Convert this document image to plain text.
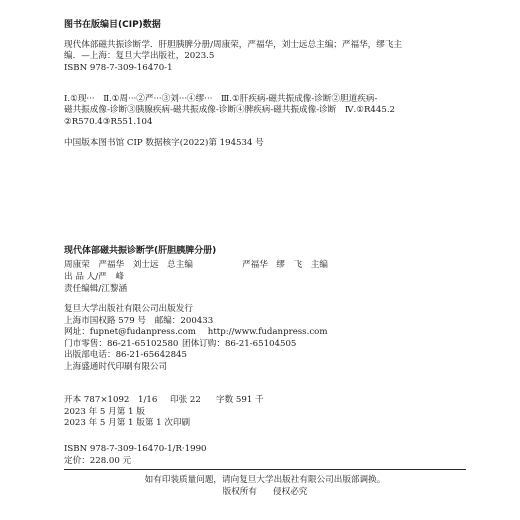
图书在版编目(CIP)数据
现代体部磁共振诊断学．肝胆胰脾分册/周康荣，严福华，刘士远总主编；严福华，缪飞主
编．—上海：复旦大学出版社，2023.5
ISBN 978-7-309-16470-1
Ⅰ.①现···　Ⅱ.①周···②严···③刘···④缪···　Ⅲ.①肝疾病-磁共振成像-诊断②胆道疾病-
磁共振成像-诊断③胰腺疾病-磁共振成像-诊断④脾疾病-磁共振成像-诊断　Ⅳ.①R445.2
②R570.4③R551.104
中国版本图书馆 CIP 数据核字(2022)第 194534 号
现代体部磁共振诊断学(肝胆胰脾分册)
周康荣　严福华　刘士远　总主编	严福华　缪　飞　主编
出 品 人/严　峰
责任编辑/江黎涵
复旦大学出版社有限公司出版发行
上海市国权路 579 号　邮编：200433
网址：fupnet@fudanpress.com http://www.fudanpress.com
门市零售：86-21-65102580 团体订购：86-21-65104505
出版部电话：86-21-65642845
上海盛通时代印刷有限公司
开本 787×1092　1/16 印张 22 字数 591 千
2023 年 5 月第 1 版
2023 年 5 月第 1 版第 1 次印刷
ISBN 978-7-309-16470-1/R·1990
定价：228.00 元
如有印装质量问题，请向复旦大学出版社有限公司出版部调换。
版权所有 侵权必究
